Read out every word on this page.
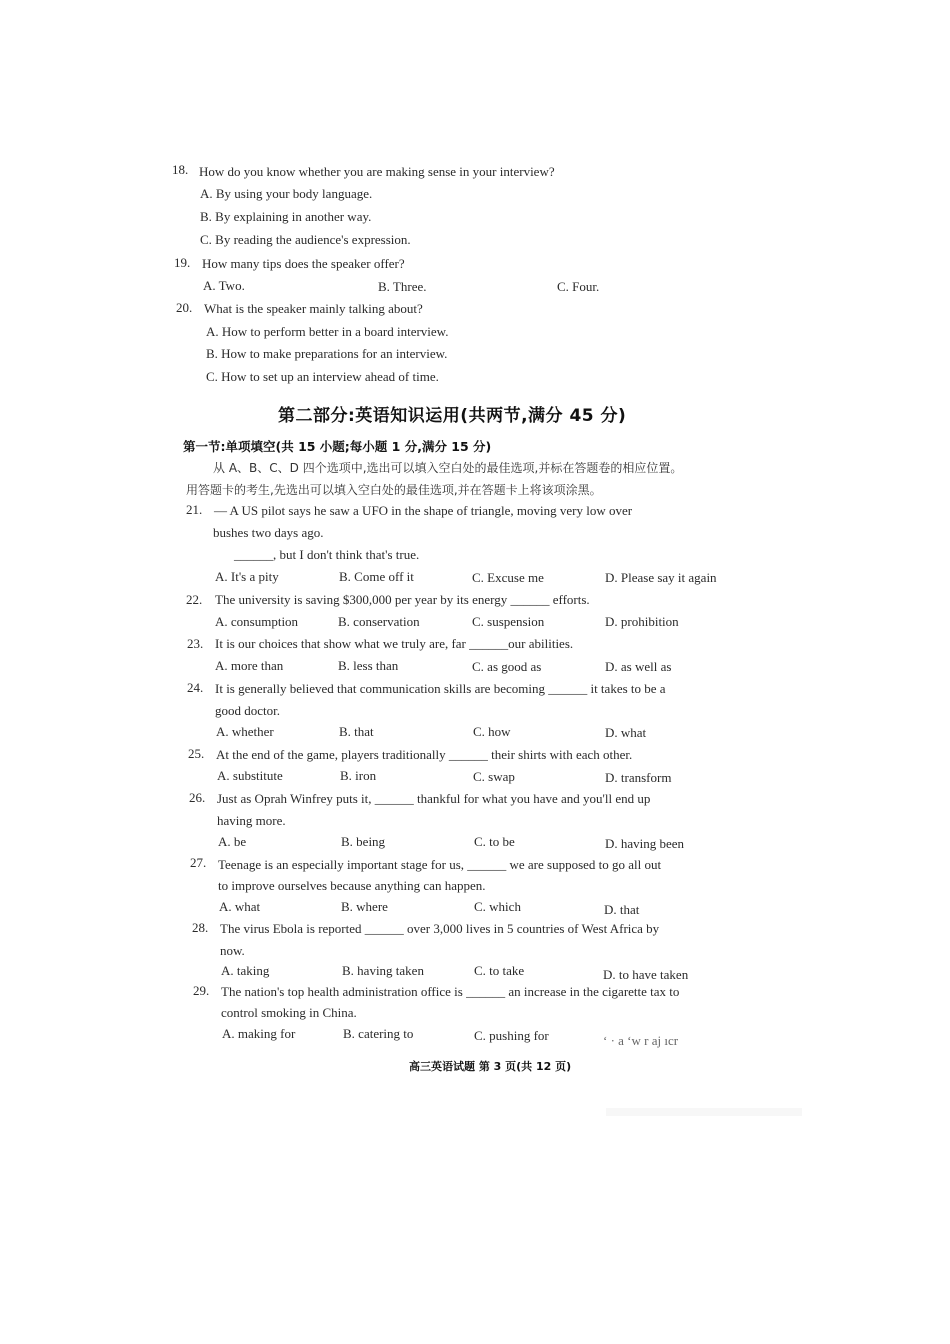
18. How do you know whether you are making sense in your interview?
A. By using your body language.
B. By explaining in another way.
C. By reading the audience's expression.
19. How many tips does the speaker offer?
A. Two.	B. Three.	C. Four.
20. What is the speaker mainly talking about?
A. How to perform better in a board interview.
B. How to make preparations for an interview.
C. How to set up an interview ahead of time.
第二部分:英语知识运用(共两节,满分 45 分)
第一节:单项填空(共 15 小题;每小题 1 分,满分 15 分)
从 A、B、C、D 四个选项中,选出可以填入空白处的最佳选项,并标在答题卷的相应位置。
用答题卡的考生,先选出可以填入空白处的最佳选项,并在答题卡上将该项涂黑。
21. — A US pilot says he saw a UFO in the shape of triangle, moving very low over
bushes two days ago.
______, but I don't think that's true.
A. It's a pity	B. Come off it	C. Excuse me	D. Please say it again
22. The university is saving $300,000 per year by its energy ______ efforts.
A. consumption	B. conservation	C. suspension	D. prohibition
23. It is our choices that show what we truly are, far ______our abilities.
A. more than	B. less than	C. as good as	D. as well as
24. It is generally believed that communication skills are becoming ______ it takes to be a
good doctor.
A. whether	B. that	C. how	D. what
25. At the end of the game, players traditionally ______ their shirts with each other.
A. substitute	B. iron	C. swap	D. transform
26. Just as Oprah Winfrey puts it, ______ thankful for what you have and you'll end up
having more.
A. be	B. being	C. to be	D. having been
27. Teenage is an especially important stage for us, ______ we are supposed to go all out
to improve ourselves because anything can happen.
A. what	B. where	C. which	D. that
28. The virus Ebola is reported ______ over 3,000 lives in 5 countries of West Africa by
now.
A. taking	B. having taken	C. to take	D. to have taken
29. The nation's top health administration office is ______ an increase in the cigarette tax to
control smoking in China.
A. making for	B. catering to	C. pushing for	‘ · a ‘w r aj ıcr
高三英语试题 第 3 页(共 12 页)
